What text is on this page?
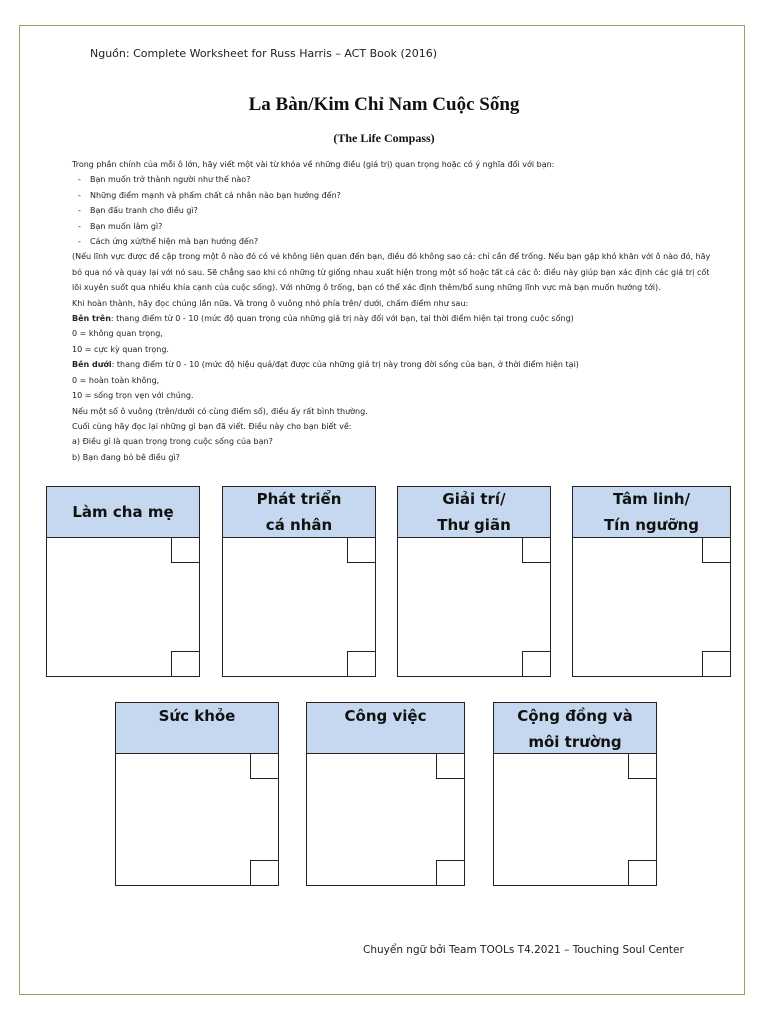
Nguồn: Complete Worksheet for Russ Harris – ACT Book (2016)
La Bàn/Kim Chỉ Nam Cuộc Sống
(The Life Compass)

Trong phần chính của mỗi ô lớn, hãy viết một vài từ khóa về những điều (giá trị) quan trọng hoặc có ý nghĩa đối với bạn:

- Bạn muốn trở thành người như thế nào?
- Những điểm mạnh và phẩm chất cá nhân nào bạn hướng đến?
- Bạn đấu tranh cho điều gì?
- Bạn muốn làm gì?
- Cách ứng xử/thể hiện mà bạn hướng đến?

(Nếu lĩnh vực được đề cập trong một ô nào đó có vẻ không liên quan đến bạn, điều đó không sao cả: chỉ cần để trống. Nếu bạn gặp khó khăn với ô nào đó, hãy bỏ qua nó và quay lại với nó sau. Sẽ chẳng sao khi có những từ giống nhau xuất hiện trong một số hoặc tất cả các ô: điều này giúp bạn xác định các giá trị cốt lõi xuyên suốt qua nhiều khía cạnh của cuộc sống). Với những ô trống, bạn có thể xác định thêm/bổ sung những lĩnh vực mà bạn muốn hướng tới).

Khi hoàn thành, hãy đọc chúng lần nữa. Và trong ô vuông nhỏ phía trên/ dưới, chấm điểm như sau:

Bên trên: thang điểm từ 0 - 10 (mức độ quan trọng của những giá trị này đối với bạn, tại thời điểm hiện tại trong cuộc sống)

0 = không quan trọng,

10 = cực kỳ quan trọng.

Bên dưới: thang điểm từ 0 - 10 (mức độ hiệu quả/đạt được của những giá trị này trong đời sống của bạn, ở thời điểm hiện tại)

0 = hoàn toàn không,

10 = sống trọn vẹn với chúng.

Nếu một số ô vuông (trên/dưới có cùng điểm số), điều ấy rất bình thường.

Cuối cùng hãy đọc lại những gì bạn đã viết. Điều này cho bạn biết về:

a) Điều gì là quan trọng trong cuộc sống của bạn?

b) Bạn đang bỏ bê điều gì?

Làm cha mẹ
Phát triển
cá nhân
Giải trí/
Thư giãn
Tâm linh/
Tín ngưỡng
Sức khỏe	Công việc	Cộng đồng và
môi trường
Chuyển ngữ bởi Team TOOLs T4.2021 – Touching Soul Center
